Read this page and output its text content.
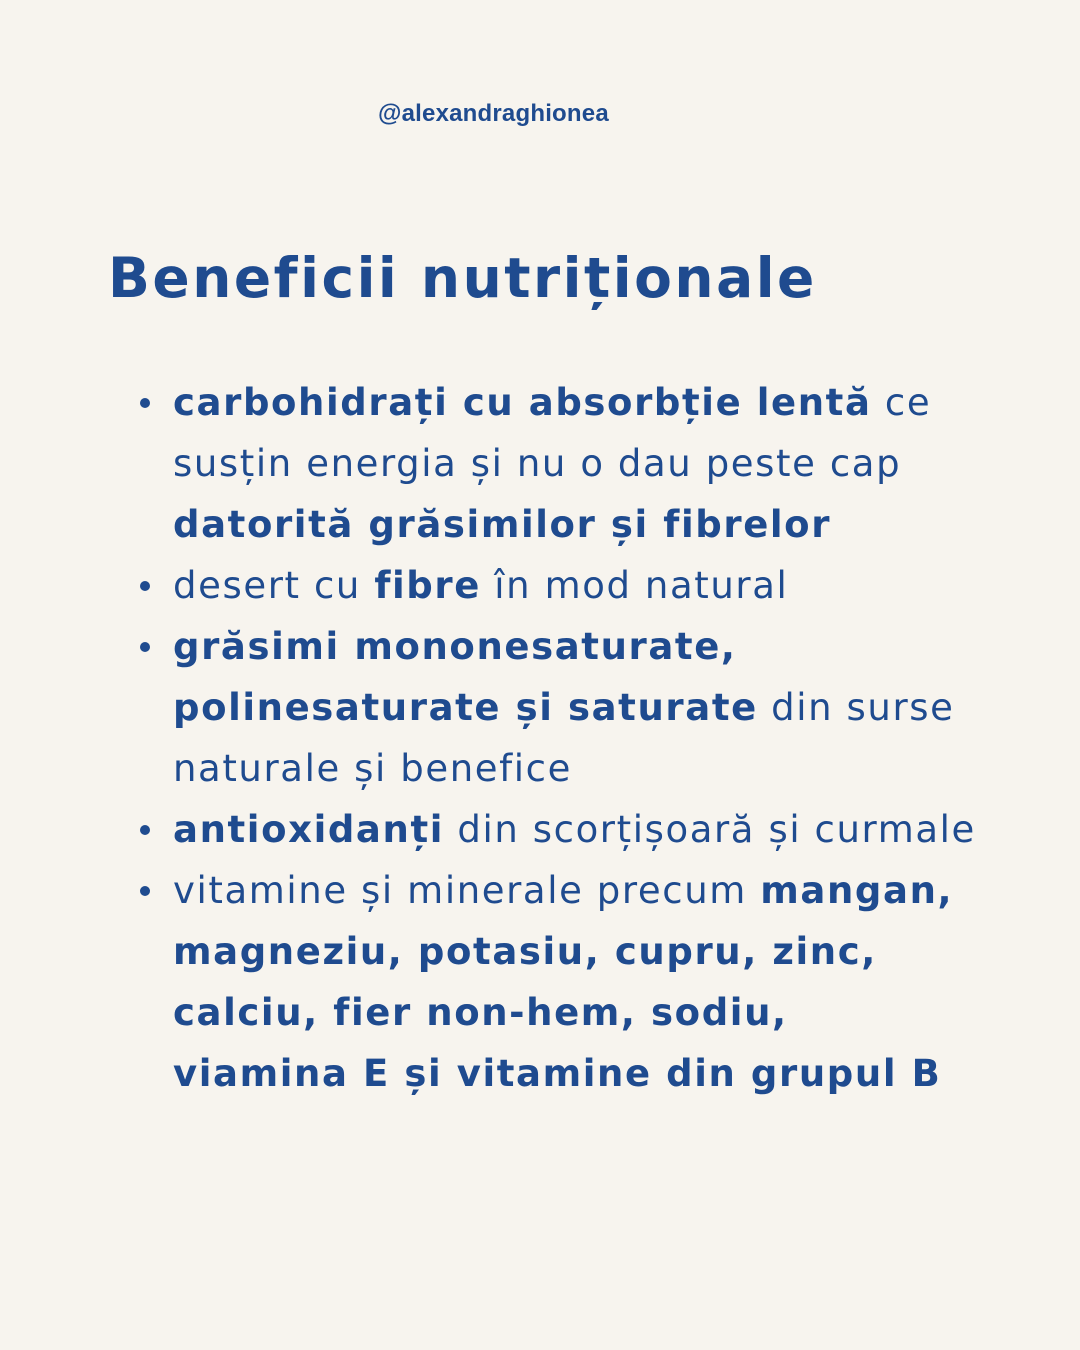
@alexandraghionea
Beneficii nutriționale
carbohidrați cu absorbție lentă ce susțin energia și nu o dau peste cap datorită grăsimilor și fibrelor
desert cu fibre în mod natural
grăsimi mononesaturate, polinesaturate și saturate din surse naturale și benefice
antioxidanți din scorțișoară și curmale
vitamine și minerale precum mangan, magneziu, potasiu, cupru, zinc, calciu, fier non-hem, sodiu, viamina E și vitamine din grupul B
